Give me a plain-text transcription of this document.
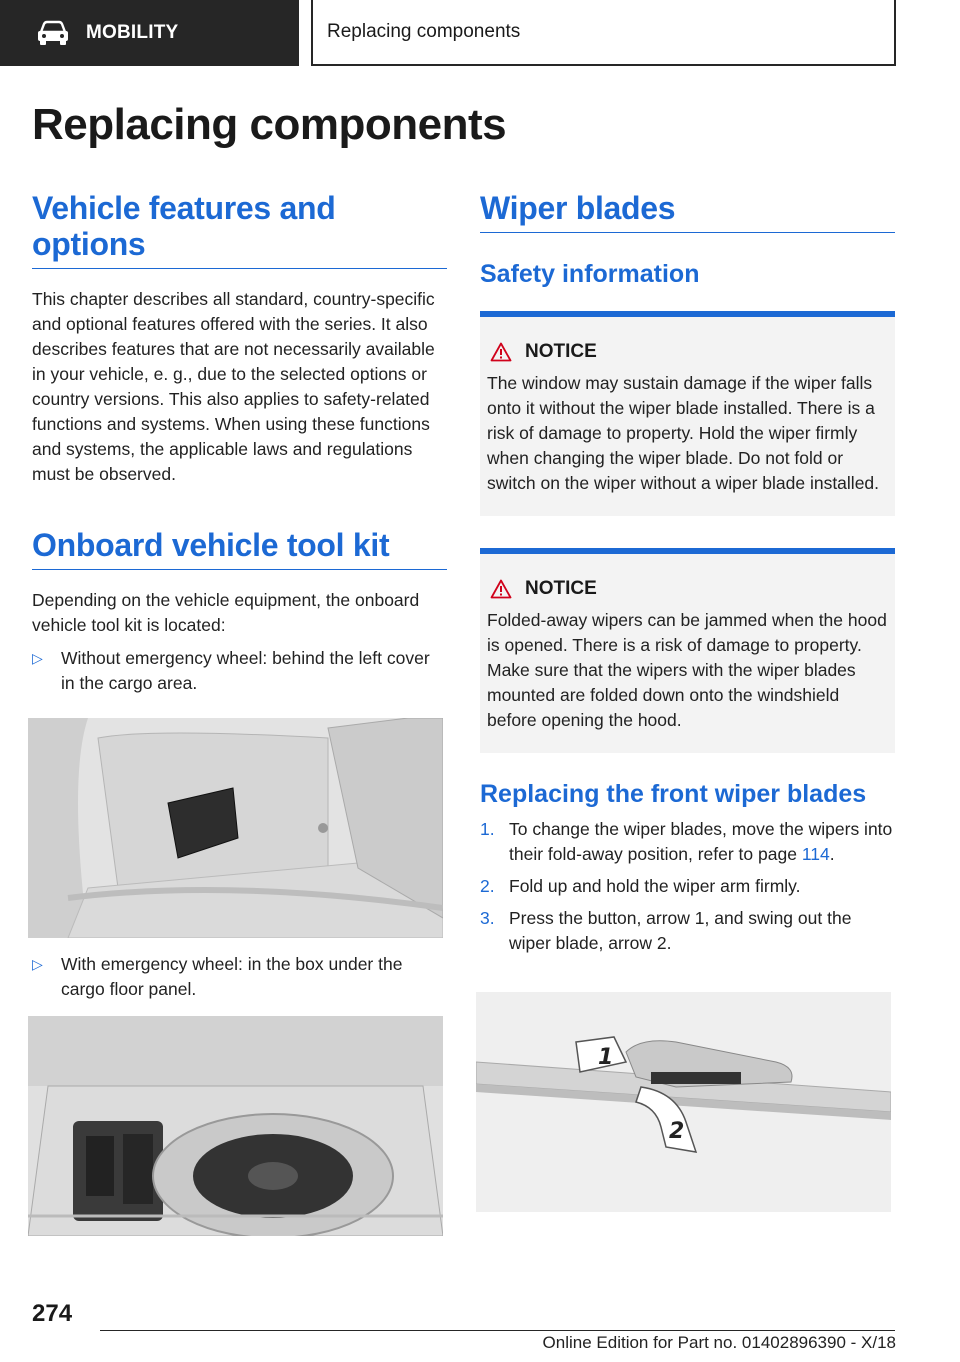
MOBILITY	Replacing components
Replacing components
Vehicle features and options

This chapter describes all standard, country-specific and optional features offered with the series. It also describes features that are not necessarily available in your vehicle, e. g., due to the selected options or country versions. This also applies to safety-related functions and systems. When using these functions and systems, the applicable laws and regulations must be observed.

Onboard vehicle tool kit

Depending on the vehicle equipment, the onboard vehicle tool kit is located:

▷ Without emergency wheel: behind the left cover in the cargo area.
▷ With emergency wheel: in the box under the cargo floor panel.
Wiper blades
Safety information
NOTICE

The window may sustain damage if the wiper falls onto it without the wiper blade installed. There is a risk of damage to property. Hold the wiper firmly when changing the wiper blade. Do not fold or switch on the wiper without a wiper blade installed.

NOTICE

Folded-away wipers can be jammed when the hood is opened. There is a risk of damage to property. Make sure that the wipers with the wiper blades mounted are folded down onto the windshield before opening the hood.

Replacing the front wiper blades
1. To change the wiper blades, move the wipers into their fold-away position, refer to page 114.
2. Fold up and hold the wiper arm firmly.
3. Press the button, arrow 1, and swing out the wiper blade, arrow 2.
1
2
274
Online Edition for Part no. 01402896390 - X/18
